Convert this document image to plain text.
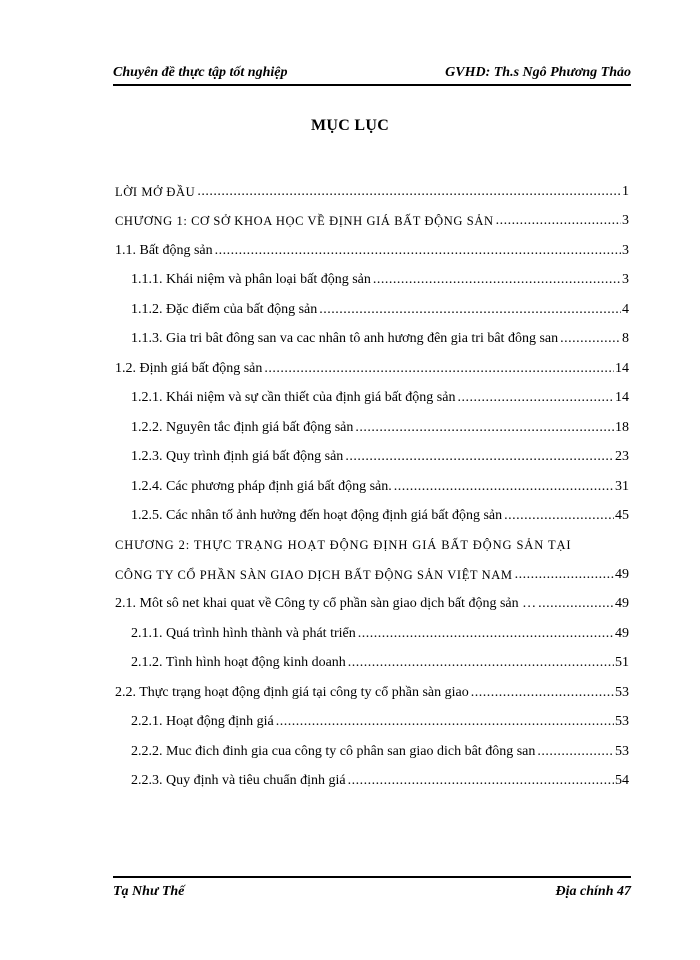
Chuyên đề thực tập tốt nghiệp	GVHD: Th.s Ngô Phương Thảo
MỤC LỤC
LỜI MỞ ĐẦU .....	1
CHƯƠNG 1: CƠ SỞ KHOA HỌC VỀ ĐỊNH GIÁ BẤT ĐỘNG SẢN .....	3
1.1. Bất động sản .....	3
1.1.1. Khái niệm và phân loại bất động sản .....	3
1.1.2. Đặc điểm của bất động sản .....	4
1.1.3. Gia tri bât đông san va cac nhân tô anh hương đên gia tri bât đông san .....	8
1.2. Định giá bất động sản .....	14
1.2.1. Khái niệm và sự cần thiết của định giá bất động sản .....	14
1.2.2. Nguyên tắc định giá bất động sản .....	18
1.2.3. Quy trình định giá bất động sản .....	23
1.2.4. Các phương pháp định giá bất động sản. .....	31
1.2.5. Các nhân tố ảnh hưởng đến hoạt động định giá bất động sản .....	45
CHƯƠNG 2: THỰC TRẠNG HOẠT ĐỘNG ĐỊNH GIÁ BẤT ĐỘNG SẢN TẠI
CÔNG TY CỔ PHẦN SÀN GIAO DỊCH BẤT ĐỘNG SẢN VIỆT NAM .....	49
2.1. Môt sô net khai quat về Công ty cổ phần sàn giao dịch bất động sản … .....	49
2.1.1. Quá trình hình thành và phát triển .....	49
2.1.2. Tình hình hoạt động kinh doanh .....	51
2.2. Thực trạng hoạt động định giá tại công ty cổ phần sàn giao .....	53
2.2.1. Hoạt động định giá .....	53
2.2.2. Muc đich đinh gia cua công ty cô phân san giao dich bât đông san .....	53
2.2.3. Quy định và tiêu chuẩn định giá .....	54
Tạ Như Thế	Địa chính 47
